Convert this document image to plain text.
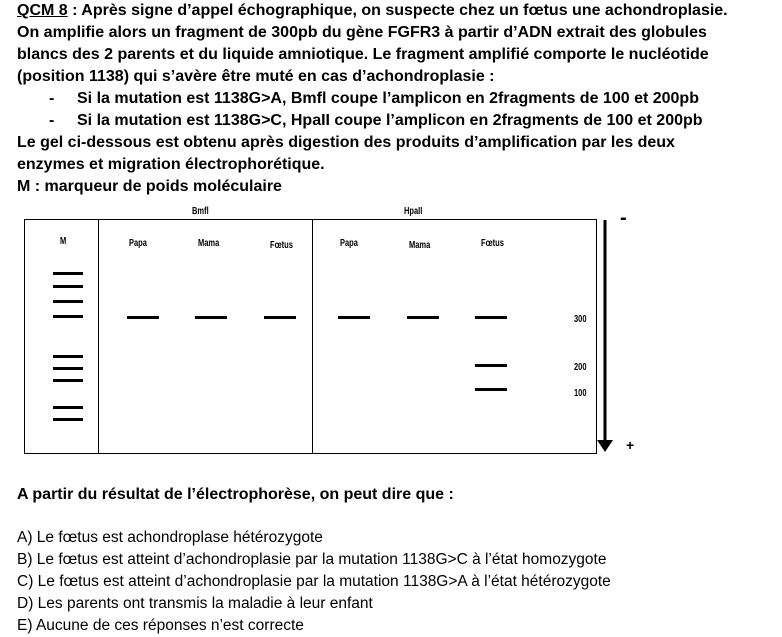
QCM 8 : Après signe d’appel échographique, on suspecte chez un fœtus une achondroplasie.
On amplifie alors un fragment de 300pb du gène FGFR3 à partir d’ADN extrait des globules
blancs des 2 parents et du liquide amniotique. Le fragment amplifié comporte le nucléotide
(position 1138) qui s’avère être muté en cas d’achondroplasie :
- Si la mutation est 1138G>A, Bmfl coupe l’amplicon en 2fragments de 100 et 200pb
- Si la mutation est 1138G>C, HpaII coupe l’amplicon en 2fragments de 100 et 200pb
Le gel ci-dessous est obtenu après digestion des produits d’amplification par les deux
enzymes et migration électrophorétique.
M : marqueur de poids moléculaire
Bmfl	HpaII
M	Papa	Mama	Fœtus	Papa	Mama	Fœtus
300
200
100
-
+
A partir du résultat de l’électrophorèse, on peut dire que :
A) Le fœtus est achondroplase hétérozygote
B) Le fœtus est atteint d’achondroplasie par la mutation 1138G>C à l’état homozygote
C) Le fœtus est atteint d’achondroplasie par la mutation 1138G>A à l’état hétérozygote
D) Les parents ont transmis la maladie à leur enfant
E) Aucune de ces réponses n’est correcte
